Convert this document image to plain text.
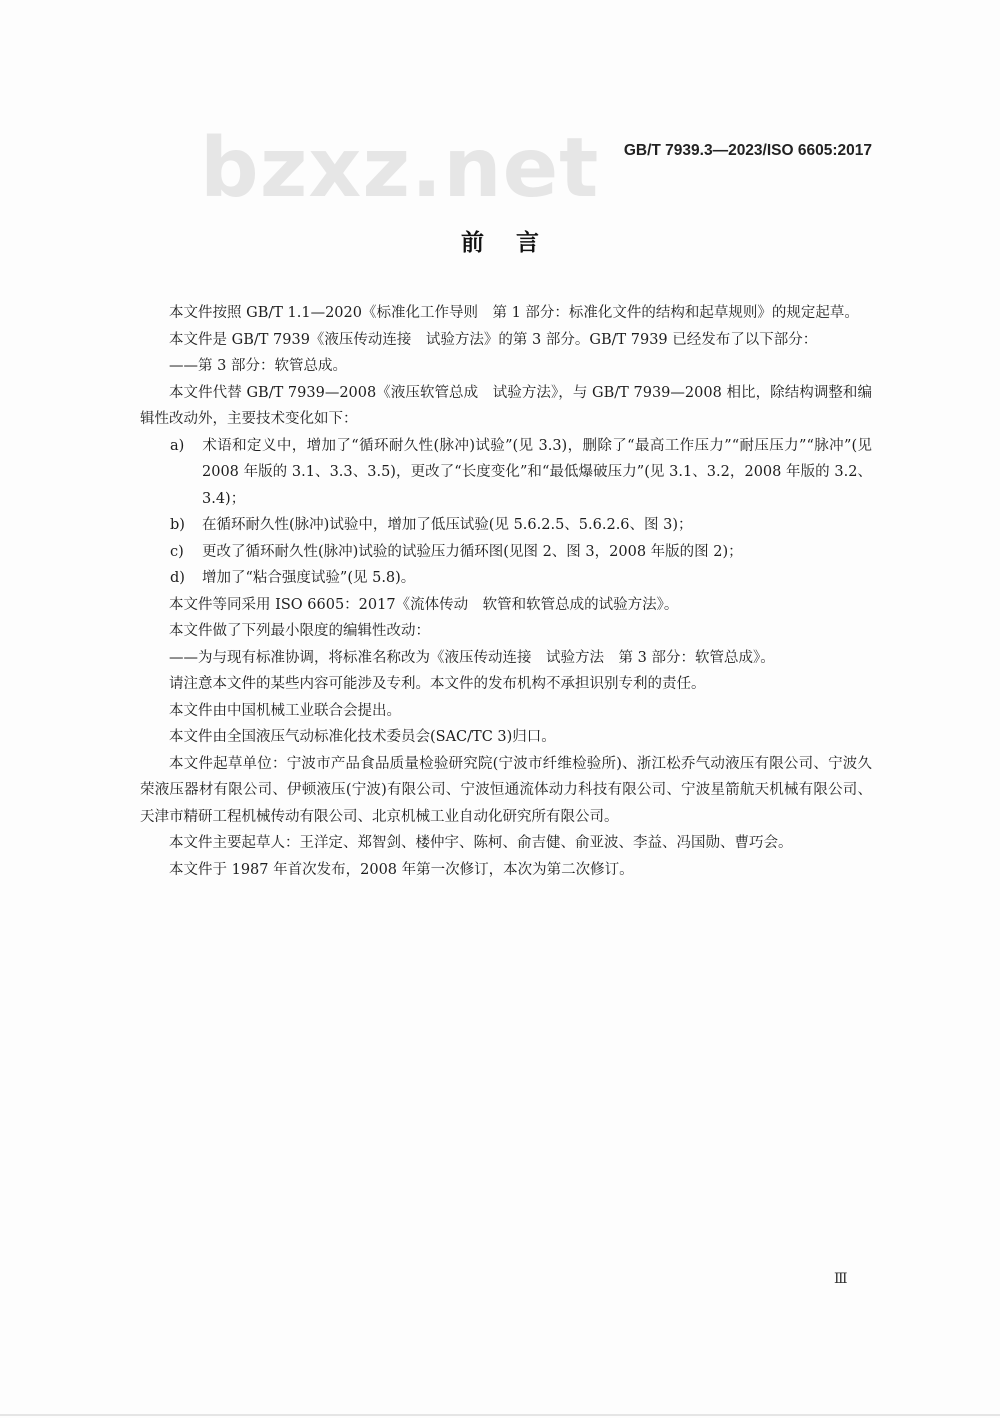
bzxz.net GB/T 7939.3—2023/ISO 6605:2017
前言

本文件按照 GB/T 1.1—2020《标准化工作导则　第 1 部分：标准化文件的结构和起草规则》的规定起草。

本文件是 GB/T 7939《液压传动连接　试验方法》的第 3 部分。GB/T 7939 已经发布了以下部分：

——第 3 部分：软管总成。

本文件代替 GB/T 7939—2008《液压软管总成　试验方法》，与 GB/T 7939—2008 相比，除结构调整和编辑性改动外，主要技术变化如下：

a) 术语和定义中，增加了“循环耐久性(脉冲)试验”(见 3.3)，删除了“最高工作压力”“耐压压力”“脉冲”(见 2008 年版的 3.1、3.3、3.5)，更改了“长度变化”和“最低爆破压力”(见 3.1、3.2，2008 年版的 3.2、3.4)；

b) 在循环耐久性(脉冲)试验中，增加了低压试验(见 5.6.2.5、5.6.2.6、图 3)；

c) 更改了循环耐久性(脉冲)试验的试验压力循环图(见图 2、图 3，2008 年版的图 2)；

d) 增加了“粘合强度试验”(见 5.8)。

本文件等同采用 ISO 6605：2017《流体传动　软管和软管总成的试验方法》。

本文件做了下列最小限度的编辑性改动：

——为与现有标准协调，将标准名称改为《液压传动连接　试验方法　第 3 部分：软管总成》。

请注意本文件的某些内容可能涉及专利。本文件的发布机构不承担识别专利的责任。

本文件由中国机械工业联合会提出。

本文件由全国液压气动标准化技术委员会(SAC/TC 3)归口。

本文件起草单位：宁波市产品食品质量检验研究院(宁波市纤维检验所)、浙江松乔气动液压有限公司、宁波久荣液压器材有限公司、伊顿液压(宁波)有限公司、宁波恒通流体动力科技有限公司、宁波星箭航天机械有限公司、天津市精研工程机械传动有限公司、北京机械工业自动化研究所有限公司。

本文件主要起草人：王洋定、郑智剑、楼仲宇、陈柯、俞吉健、俞亚波、李益、冯国勋、曹巧会。

本文件于 1987 年首次发布，2008 年第一次修订，本次为第二次修订。

Ⅲ
